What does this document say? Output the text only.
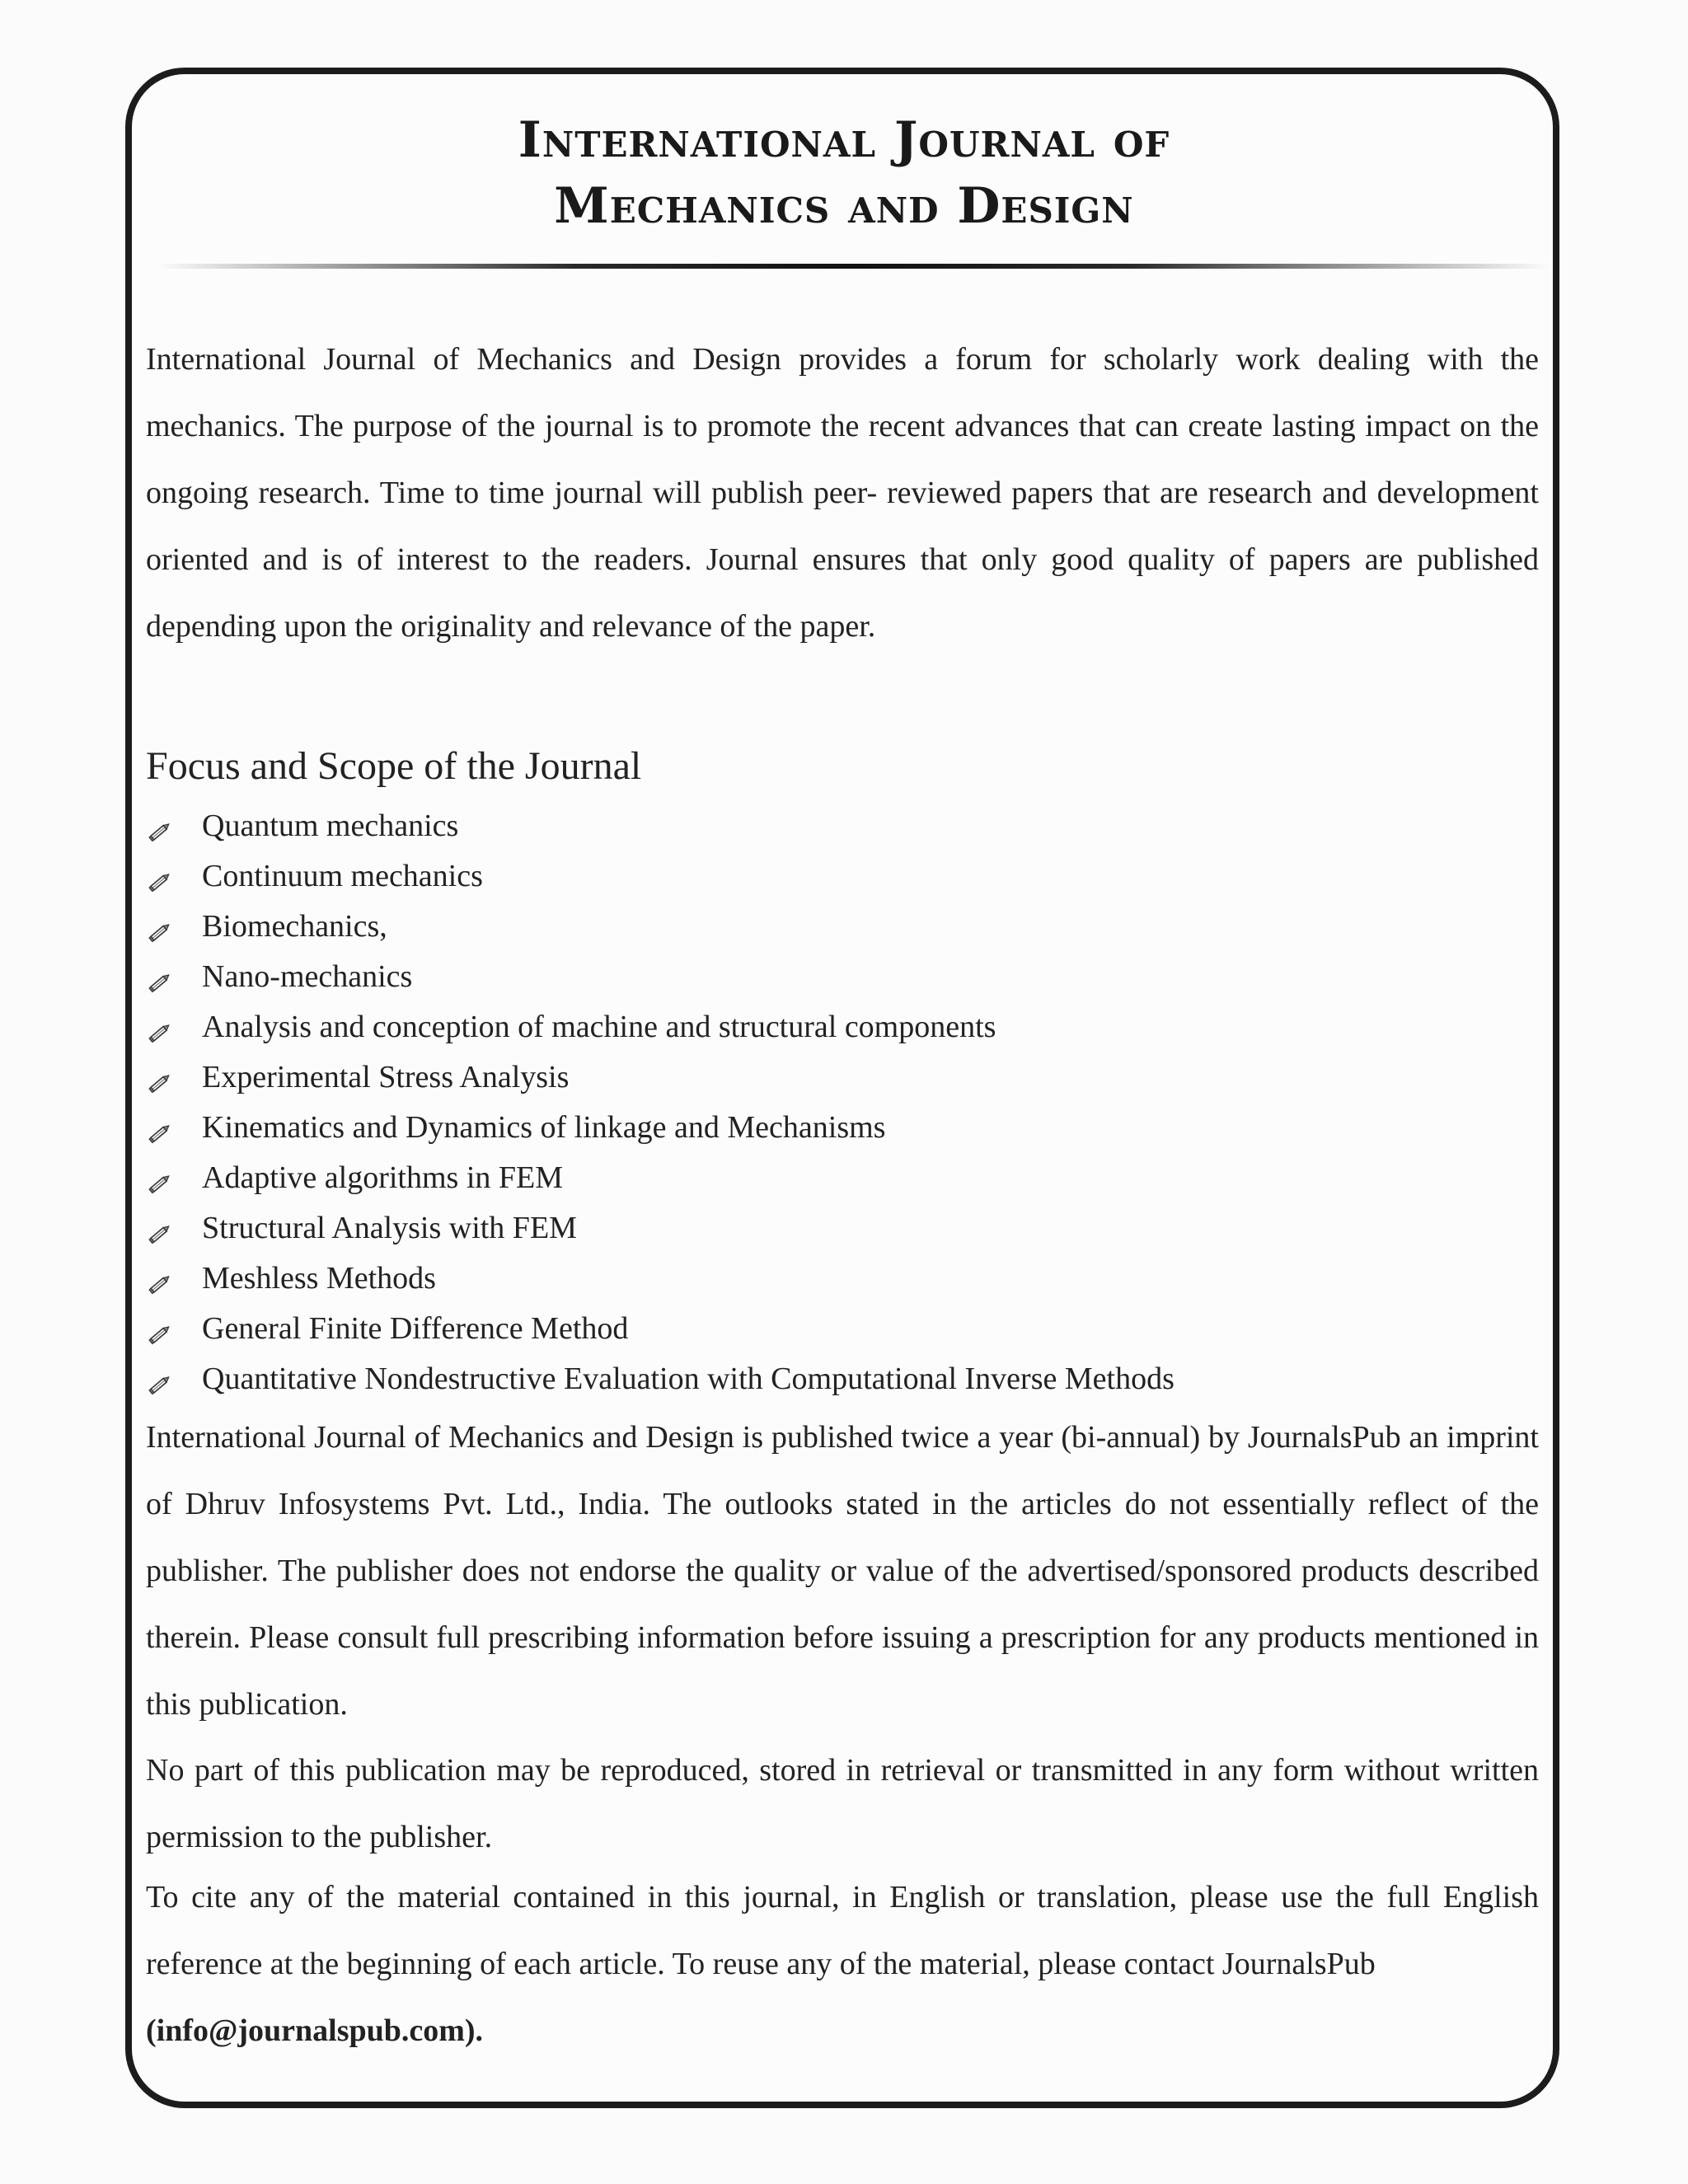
International Journal of
Mechanics and Design

International Journal of Mechanics and Design provides a forum for scholarly work dealing with the mechanics. The purpose of the journal is to promote the recent advances that can create lasting impact on the ongoing research. Time to time journal will publish peer- reviewed papers that are research and development oriented and is of interest to the readers. Journal ensures that only good quality of papers are published depending upon the originality and relevance of the paper.

Focus and Scope of the Journal
Quantum mechanics
Continuum mechanics
Biomechanics,
Nano-mechanics
Analysis and conception of machine and structural components
Experimental Stress Analysis
Kinematics and Dynamics of linkage and Mechanisms
Adaptive algorithms in FEM
Structural Analysis with FEM
Meshless Methods
General Finite Difference Method
Quantitative Nondestructive Evaluation with Computational Inverse Methods

International Journal of Mechanics and Design is published twice a year (bi-annual) by JournalsPub an imprint of Dhruv Infosystems Pvt. Ltd., India. The outlooks stated in the articles do not essentially reflect of the publisher. The publisher does not endorse the quality or value of the advertised/sponsored products described therein. Please consult full prescribing information before issuing a prescription for any products mentioned in this publication.

No part of this publication may be reproduced, stored in retrieval or transmitted in any form without written permission to the publisher.

To cite any of the material contained in this journal, in English or translation, please use the full English reference at the beginning of each article. To reuse any of the material, please contact JournalsPub
(info@journalspub.com).
